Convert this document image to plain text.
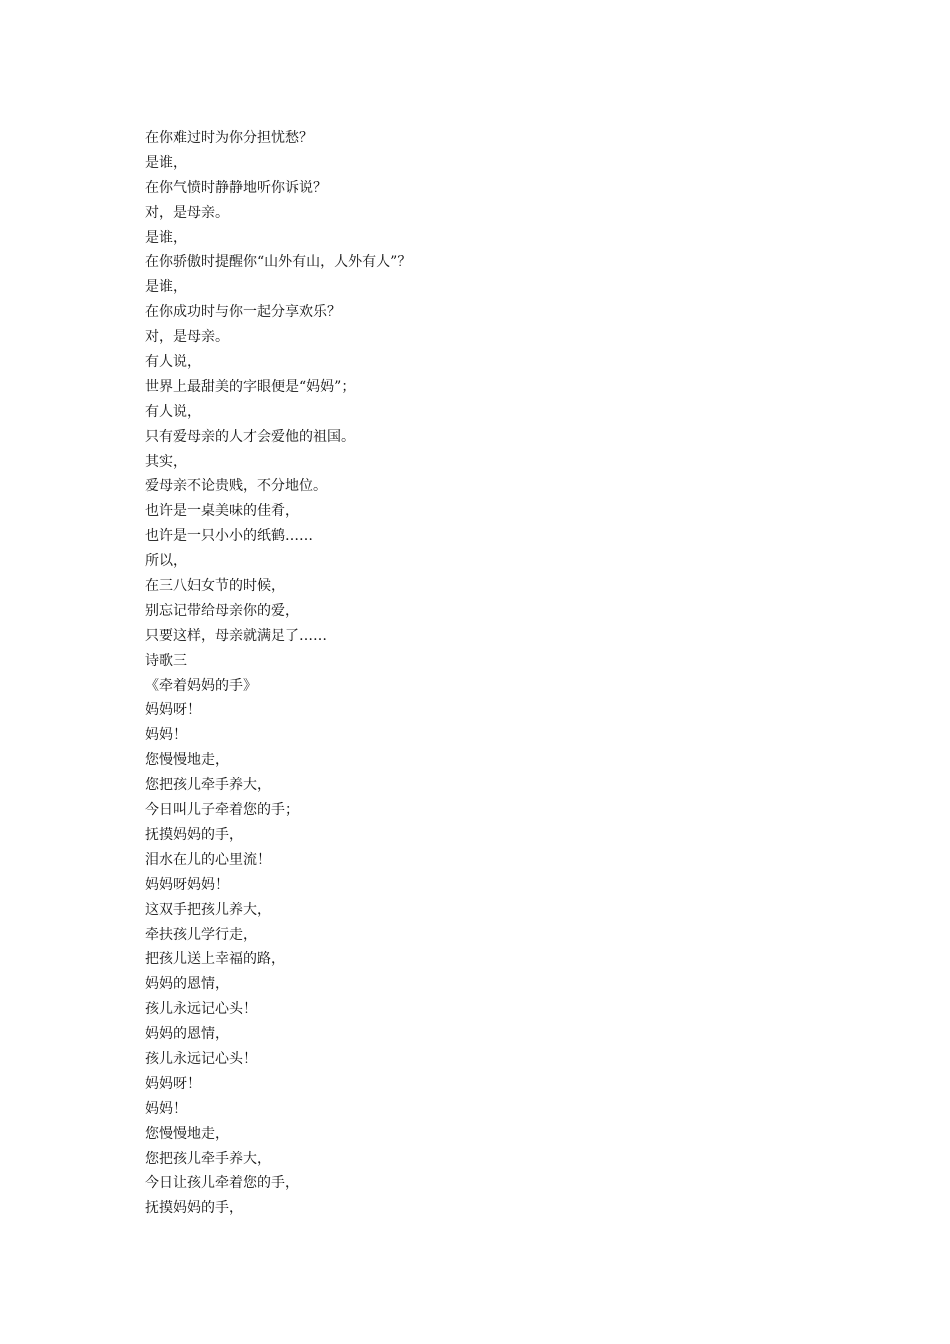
在你难过时为你分担忧愁？
是谁，
在你气愤时静静地听你诉说？
对，是母亲。
是谁，
在你骄傲时提醒你“山外有山，人外有人”？
是谁，
在你成功时与你一起分享欢乐？
对，是母亲。
有人说，
世界上最甜美的字眼便是“妈妈”；
有人说，
只有爱母亲的人才会爱他的祖国。
其实，
爱母亲不论贵贱，不分地位。
也许是一桌美味的佳肴，
也许是一只小小的纸鹤……
所以，
在三八妇女节的时候，
别忘记带给母亲你的爱，
只要这样，母亲就满足了……
诗歌三
《牵着妈妈的手》
妈妈呀！
妈妈！
您慢慢地走，
您把孩儿牵手养大，
今日叫儿子牵着您的手；
抚摸妈妈的手，
泪水在儿的心里流！
妈妈呀妈妈！
这双手把孩儿养大，
牵扶孩儿学行走，
把孩儿送上幸福的路，
妈妈的恩情，
孩儿永远记心头！
妈妈的恩情，
孩儿永远记心头！
妈妈呀！
妈妈！
您慢慢地走，
您把孩儿牵手养大，
今日让孩儿牵着您的手，
抚摸妈妈的手，
